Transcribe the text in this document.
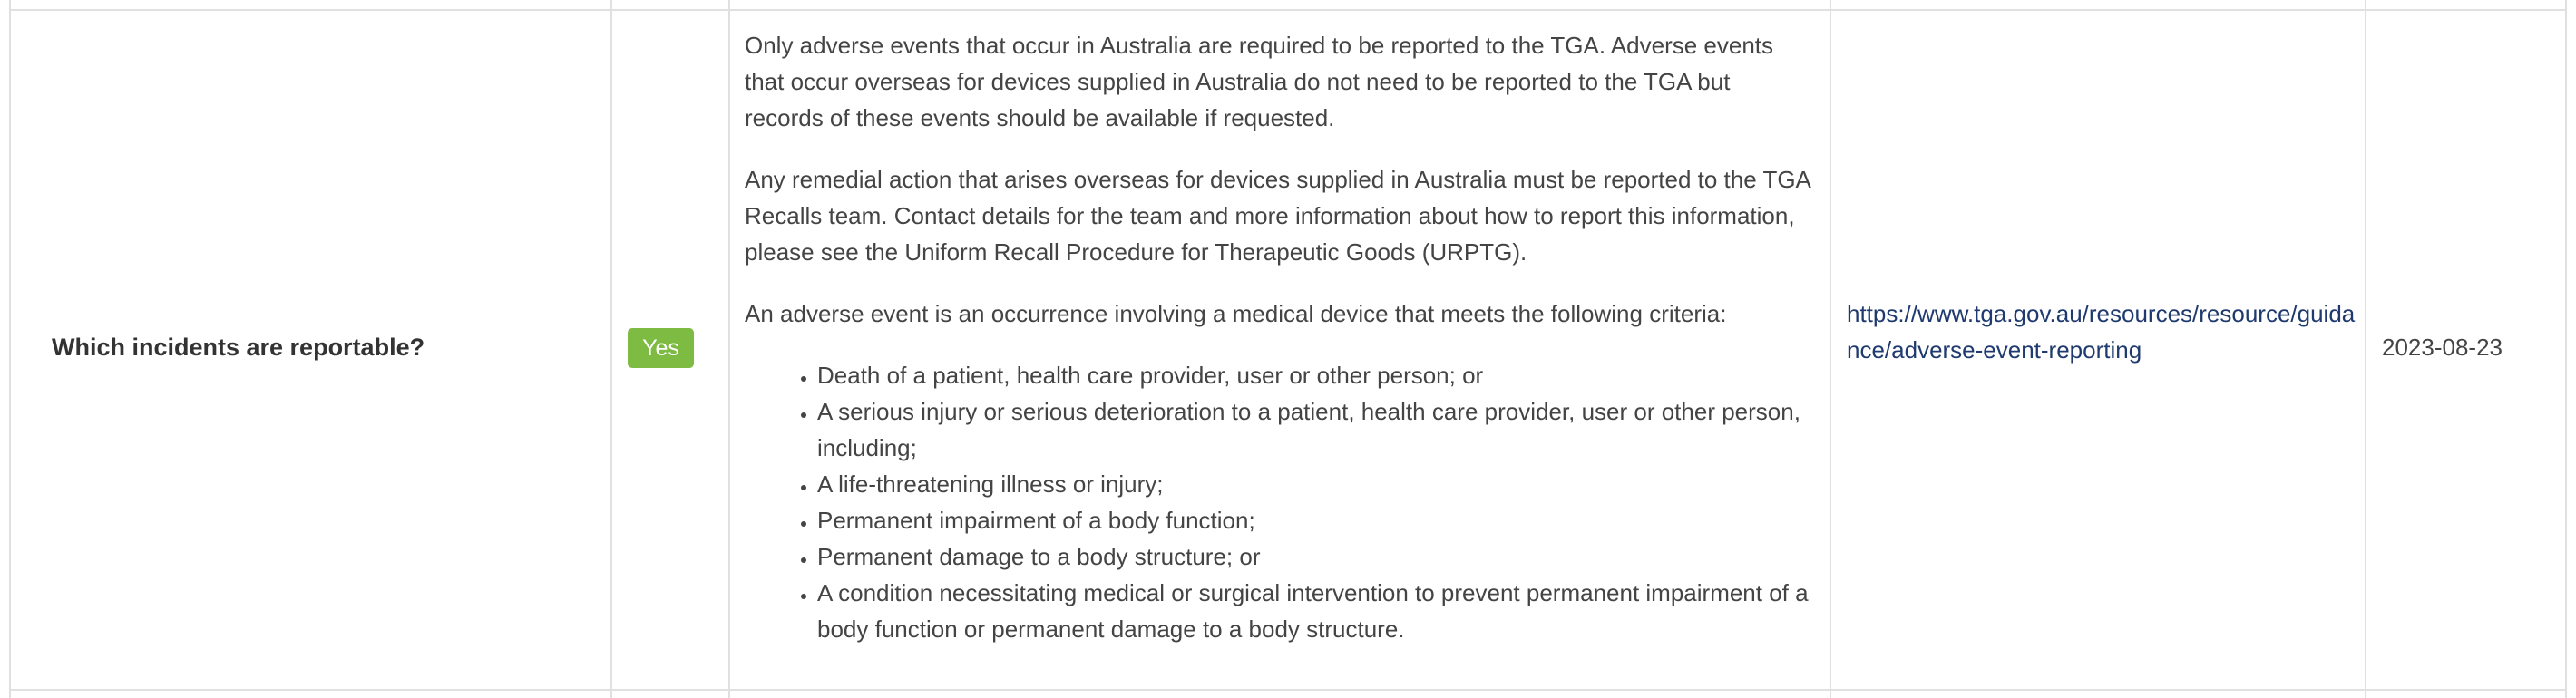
Which incidents are reportable?	Yes

Only adverse events that occur in Australia are required to be reported to the TGA. Adverse events that occur overseas for devices supplied in Australia do not need to be reported to the TGA but records of these events should be available if requested.

Any remedial action that arises overseas for devices supplied in Australia must be reported to the TGA Recalls team. Contact details for the team and more information about how to report this information, please see the Uniform Recall Procedure for Therapeutic Goods (URPTG).

An adverse event is an occurrence involving a medical device that meets the following criteria:

• Death of a patient, health care provider, user or other person; or
• A serious injury or serious deterioration to a patient, health care provider, user or other person, including;
• A life-threatening illness or injury;
• Permanent impairment of a body function;
• Permanent damage to a body structure; or
• A condition necessitating medical or surgical intervention to prevent permanent impairment of a body function or permanent damage to a body structure.
https://www.tga.gov.au/resources/resource/guidance/adverse-event-reporting	2023-08-23
